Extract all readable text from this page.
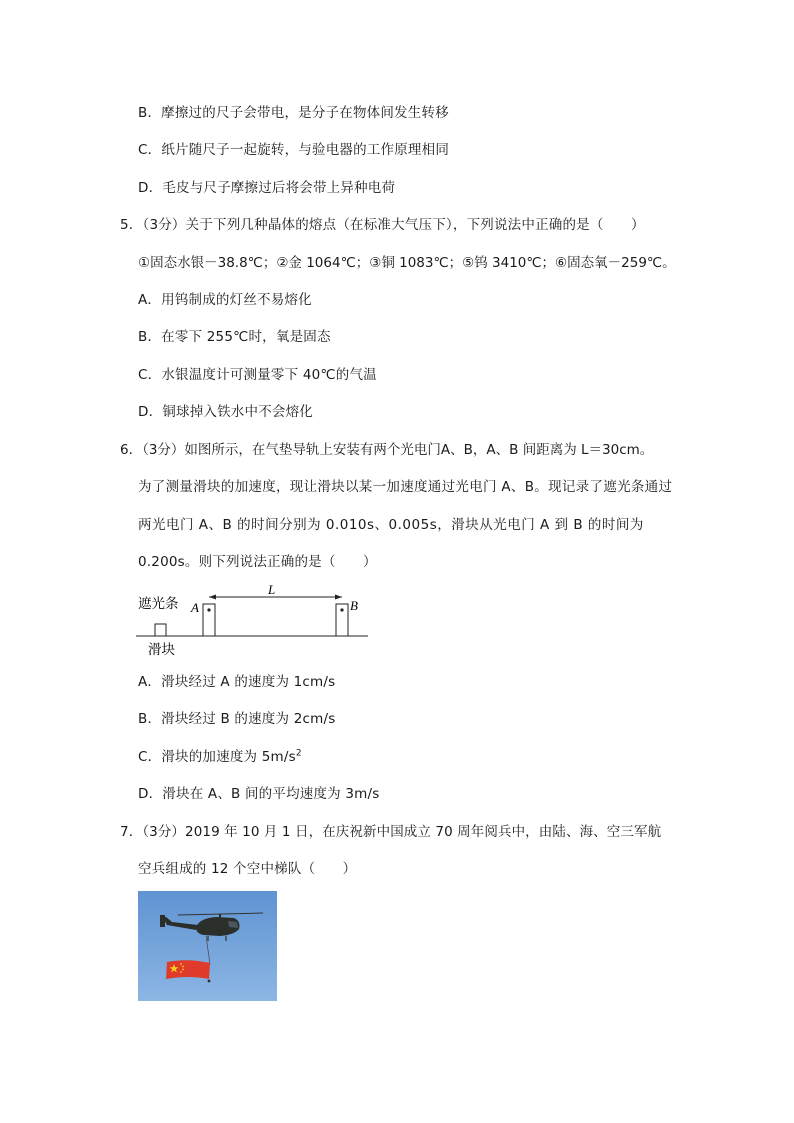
B．摩擦过的尺子会带电，是分子在物体间发生转移
C．纸片随尺子一起旋转，与验电器的工作原理相同
D．毛皮与尺子摩擦过后将会带上异种电荷
5．（3分）关于下列几种晶体的熔点（在标准大气压下），下列说法中正确的是（　　）
①固态水银－38.8℃；②金 1064℃；③铜 1083℃；⑤钨 3410℃；⑥固态氧－259℃。
A．用钨制成的灯丝不易熔化
B．在零下 255℃时，氧是固态
C．水银温度计可测量零下 40℃的气温
D．铜球掉入铁水中不会熔化
6．（3分）如图所示，在气垫导轨上安装有两个光电门A、B，A、B 间距离为 L＝30cm。
为了测量滑块的加速度，现让滑块以某一加速度通过光电门 A、B。现记录了遮光条通过
两光电门 A、B 的时间分别为 0.010s、0.005s，滑块从光电门 A 到 B 的时间为
0.200s。则下列说法正确的是（　　）
L
A	B
遮光条
滑块
A．滑块经过 A 的速度为 1cm/s
B．滑块经过 B 的速度为 2cm/s
C．滑块的加速度为 $5m/s^2$
D．滑块在 A、B 间的平均速度为 3m/s
7．（3分）2019 年 10 月 1 日，在庆祝新中国成立 70 周年阅兵中，由陆、海、空三军航
空兵组成的 12 个空中梯队（　　）
